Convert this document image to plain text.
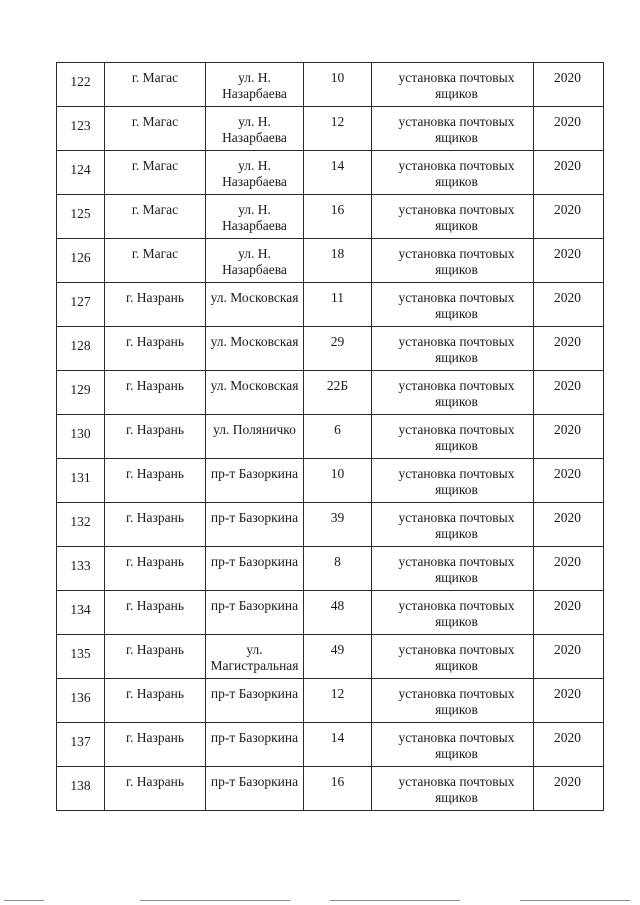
122	г. Магас	ул. Н. Назарбаева	10	установка почтовых ящиков	2020

123	г. Магас	ул. Н. Назарбаева	12	установка почтовых ящиков	2020

124	г. Магас	ул. Н. Назарбаева	14	установка почтовых ящиков	2020

125	г. Магас	ул. Н. Назарбаева	16	установка почтовых ящиков	2020

126	г. Магас	ул. Н. Назарбаева	18	установка почтовых ящиков	2020

127	г. Назрань	ул. Московская	11	установка почтовых ящиков	2020

128	г. Назрань	ул. Московская	29	установка почтовых ящиков	2020

129	г. Назрань	ул. Московская	22Б	установка почтовых ящиков	2020

130	г. Назрань	ул. Поляничко	6	установка почтовых ящиков	2020

131	г. Назрань	пр-т Базоркина	10	установка почтовых ящиков	2020

132	г. Назрань	пр-т Базоркина	39	установка почтовых ящиков	2020

133	г. Назрань	пр-т Базоркина	8	установка почтовых ящиков	2020

134	г. Назрань	пр-т Базоркина	48	установка почтовых ящиков	2020

135	г. Назрань	ул. Магистральная	49	установка почтовых ящиков	2020

136	г. Назрань	пр-т Базоркина	12	установка почтовых ящиков	2020

137	г. Назрань	пр-т Базоркина	14	установка почтовых ящиков	2020

138	г. Назрань	пр-т Базоркина	16	установка почтовых ящиков	2020
